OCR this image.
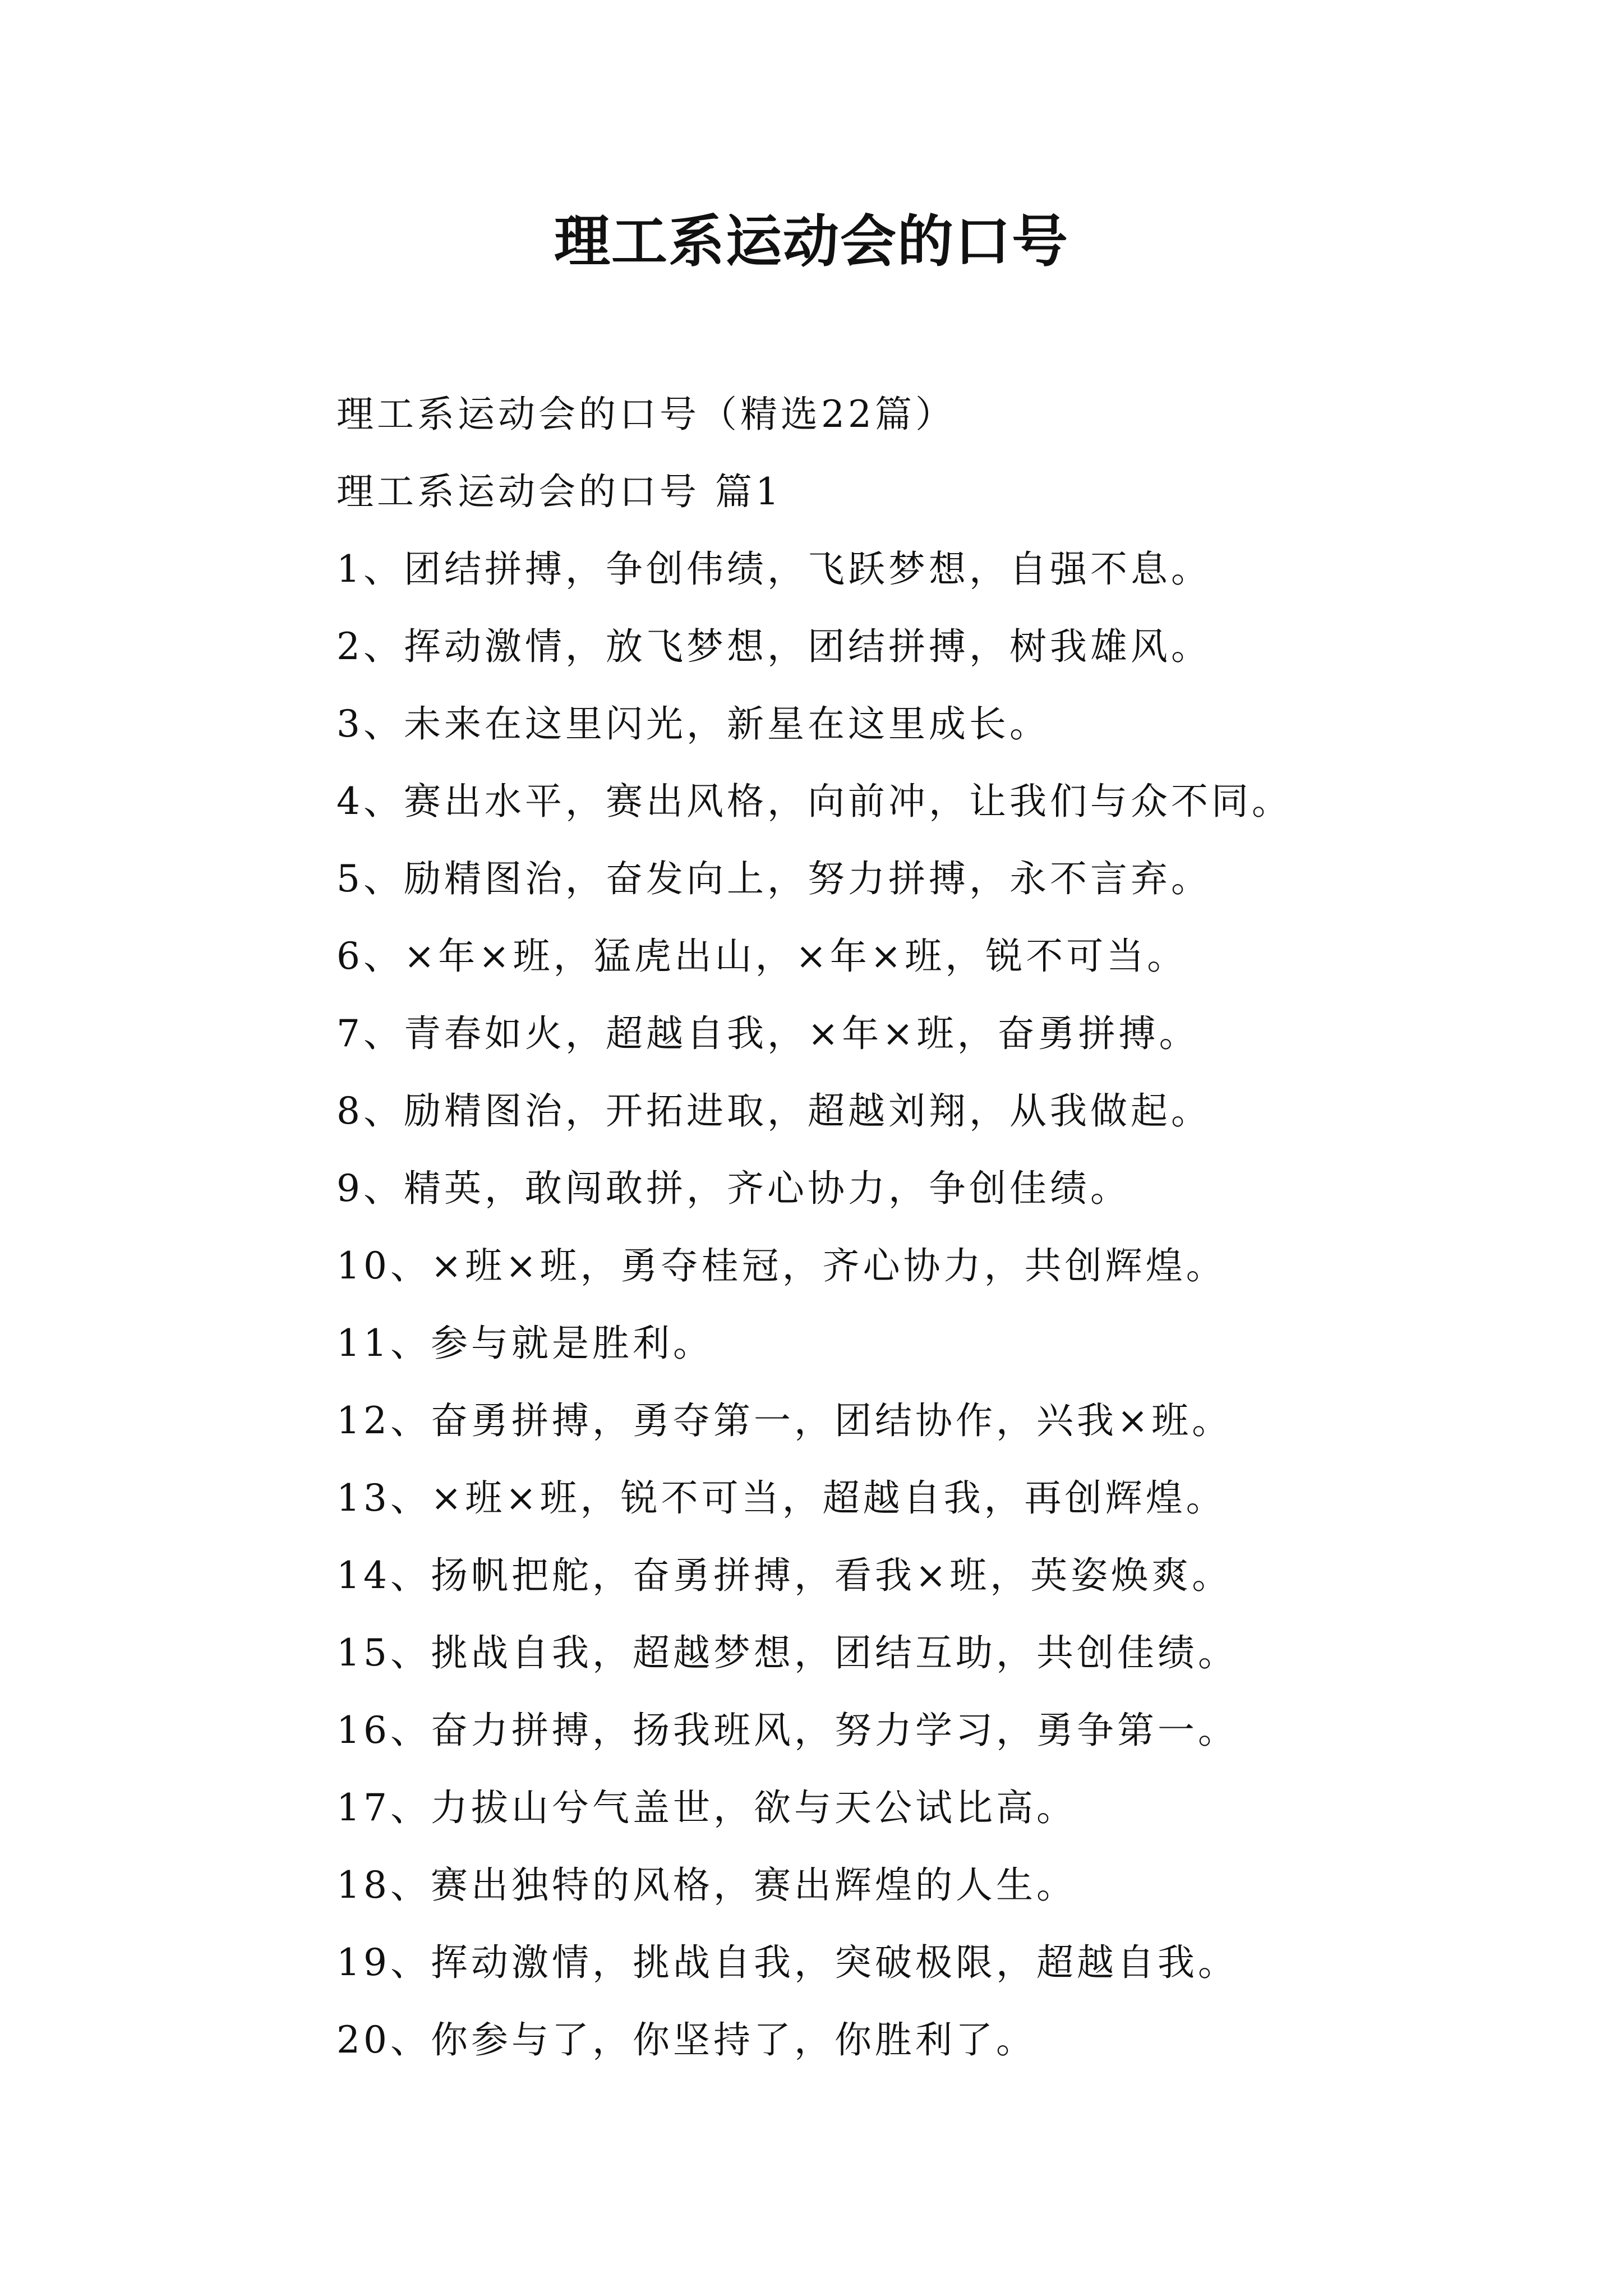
理工系运动会的口号
理工系运动会的口号（精选22篇）
理工系运动会的口号 篇1
1、团结拼搏，争创伟绩，飞跃梦想，自强不息。
2、挥动激情，放飞梦想，团结拼搏，树我雄风。
3、未来在这里闪光，新星在这里成长。
4、赛出水平，赛出风格，向前冲，让我们与众不同。
5、励精图治，奋发向上，努力拼搏，永不言弃。
6、×年×班，猛虎出山，×年×班，锐不可当。
7、青春如火，超越自我，×年×班，奋勇拼搏。
8、励精图治，开拓进取，超越刘翔，从我做起。
9、精英，敢闯敢拼，齐心协力，争创佳绩。
10、×班×班，勇夺桂冠，齐心协力，共创辉煌。
11、参与就是胜利。
12、奋勇拼搏，勇夺第一，团结协作，兴我×班。
13、×班×班，锐不可当，超越自我，再创辉煌。
14、扬帆把舵，奋勇拼搏，看我×班，英姿焕爽。
15、挑战自我，超越梦想，团结互助，共创佳绩。
16、奋力拼搏，扬我班风，努力学习，勇争第一。
17、力拔山兮气盖世，欲与天公试比高。
18、赛出独特的风格，赛出辉煌的人生。
19、挥动激情，挑战自我，突破极限，超越自我。
20、你参与了，你坚持了，你胜利了。
